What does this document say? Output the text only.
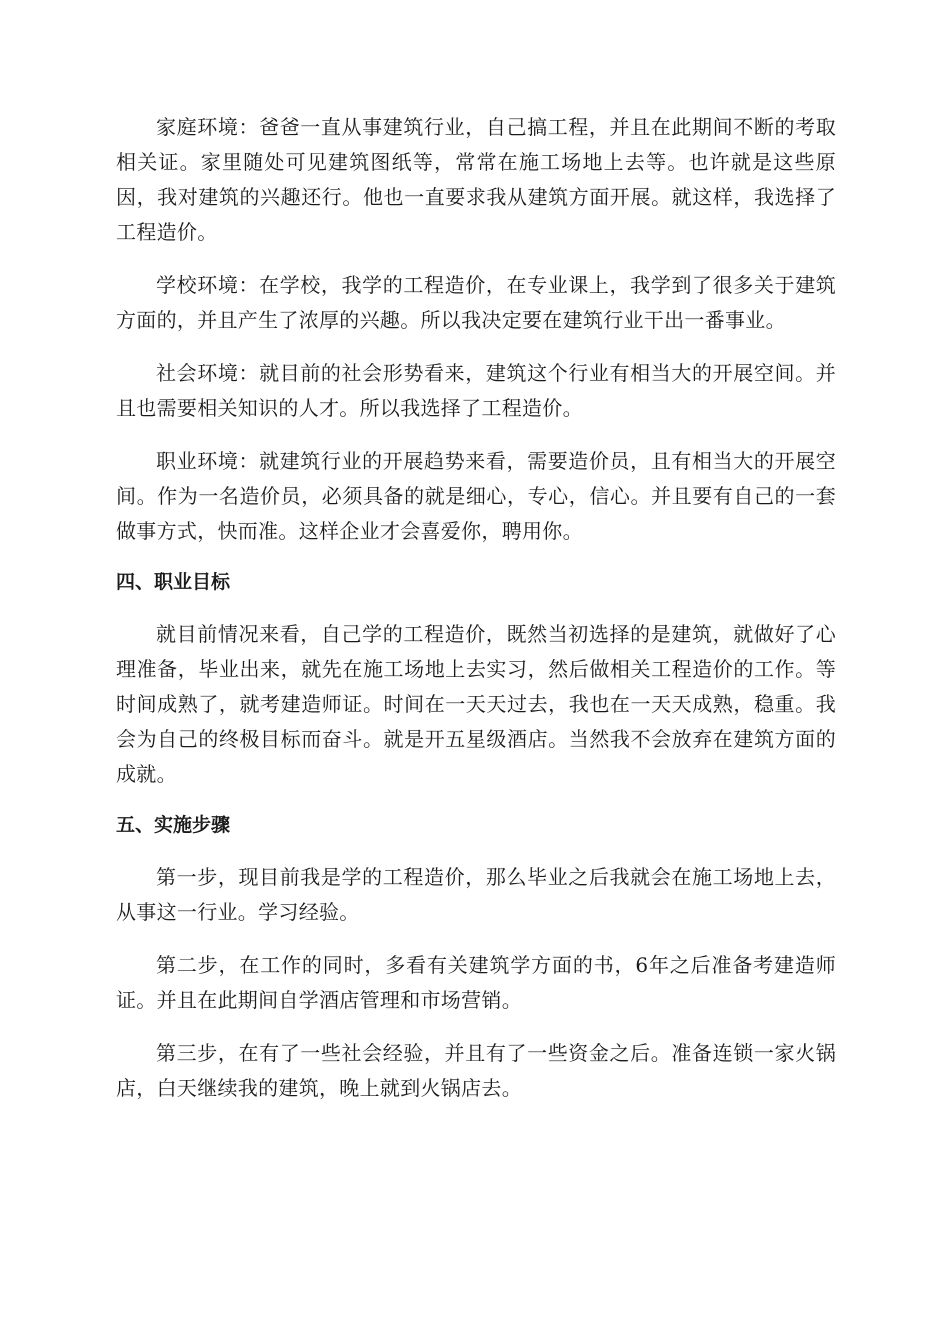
家庭环境：爸爸一直从事建筑行业，自己搞工程，并且在此期间不断的考取相关证。家里随处可见建筑图纸等，常常在施工场地上去等。也许就是这些原因，我对建筑的兴趣还行。他也一直要求我从建筑方面开展。就这样，我选择了工程造价。

学校环境：在学校，我学的工程造价，在专业课上，我学到了很多关于建筑方面的，并且产生了浓厚的兴趣。所以我决定要在建筑行业干出一番事业。

社会环境：就目前的社会形势看来，建筑这个行业有相当大的开展空间。并且也需要相关知识的人才。所以我选择了工程造价。

职业环境：就建筑行业的开展趋势来看，需要造价员，且有相当大的开展空间。作为一名造价员，必须具备的就是细心，专心，信心。并且要有自己的一套做事方式，快而准。这样企业才会喜爱你，聘用你。

四、职业目标

就目前情况来看，自己学的工程造价，既然当初选择的是建筑，就做好了心理准备，毕业出来，就先在施工场地上去实习，然后做相关工程造价的工作。等时间成熟了，就考建造师证。时间在一天天过去，我也在一天天成熟，稳重。我会为自己的终极目标而奋斗。就是开五星级酒店。当然我不会放弃在建筑方面的成就。

五、实施步骤

第一步，现目前我是学的工程造价，那么毕业之后我就会在施工场地上去，从事这一行业。学习经验。

第二步，在工作的同时，多看有关建筑学方面的书，6年之后准备考建造师证。并且在此期间自学酒店管理和市场营销。

第三步，在有了一些社会经验，并且有了一些资金之后。准备连锁一家火锅店，白天继续我的建筑，晚上就到火锅店去。
